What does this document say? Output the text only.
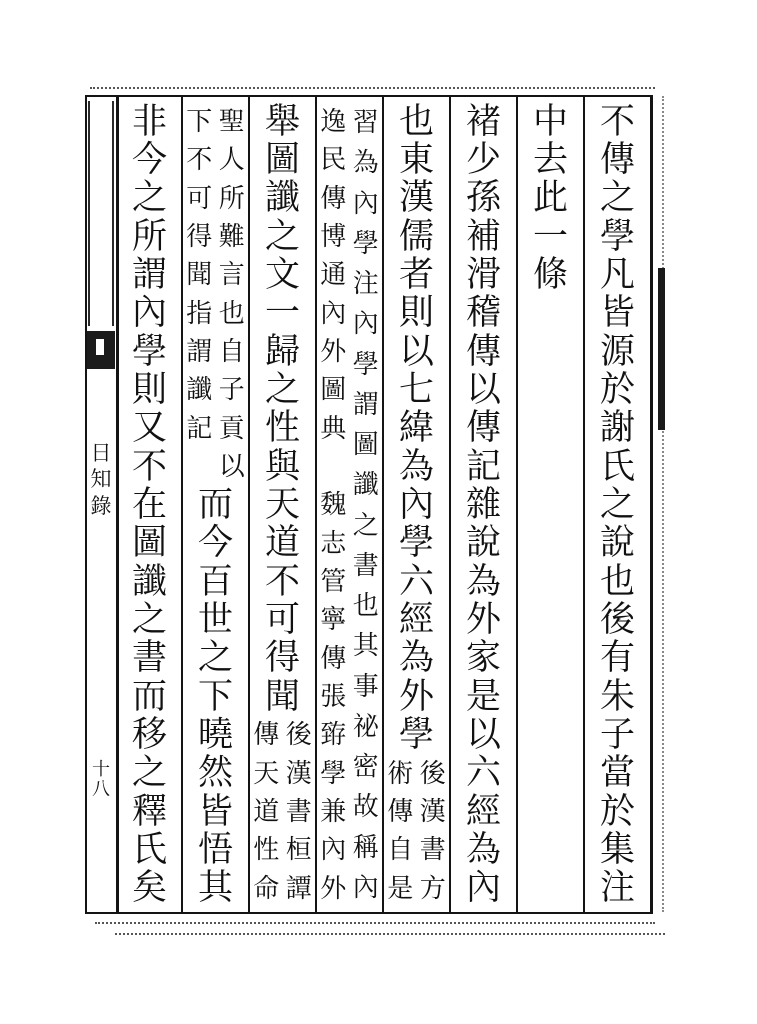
日
知
錄
十
八
不
傳
之
學
凡
皆
源
於
謝
氏
之
說
也
後
有
朱
子
當
於
集
注
中
去
此
一
條
褚
少
孫
補
滑
稽
傳
以
傳
記
雜
說
為
外
家
是
以
六
經
為
內
也
東
漢
儒
者
則
以
七
緯
為
內
學
六
經
為
外
學
後
漢
書
方
術
傳
自
是
習
為
內
學
注
內
學
謂
圖
讖
之
書
也
其
事
祕
密
故
稱
內
逸
民
傳
博
通
內
外
圖
典
魏
志
管
寧
傳
張
臶
學
兼
內
外
舉
圖
讖
之
文
一
歸
之
性
與
天
道
不
可
得
聞
後
漢
書
桓
譚
傳
天
道
性
命
聖
人
所
難
言
也
自
子
貢
以
下
不
可
得
聞
指
謂
讖
記
而
今
百
世
之
下
曉
然
皆
悟
其
非
今
之
所
謂
內
學
則
又
不
在
圖
讖
之
書
而
移
之
釋
氏
矣
